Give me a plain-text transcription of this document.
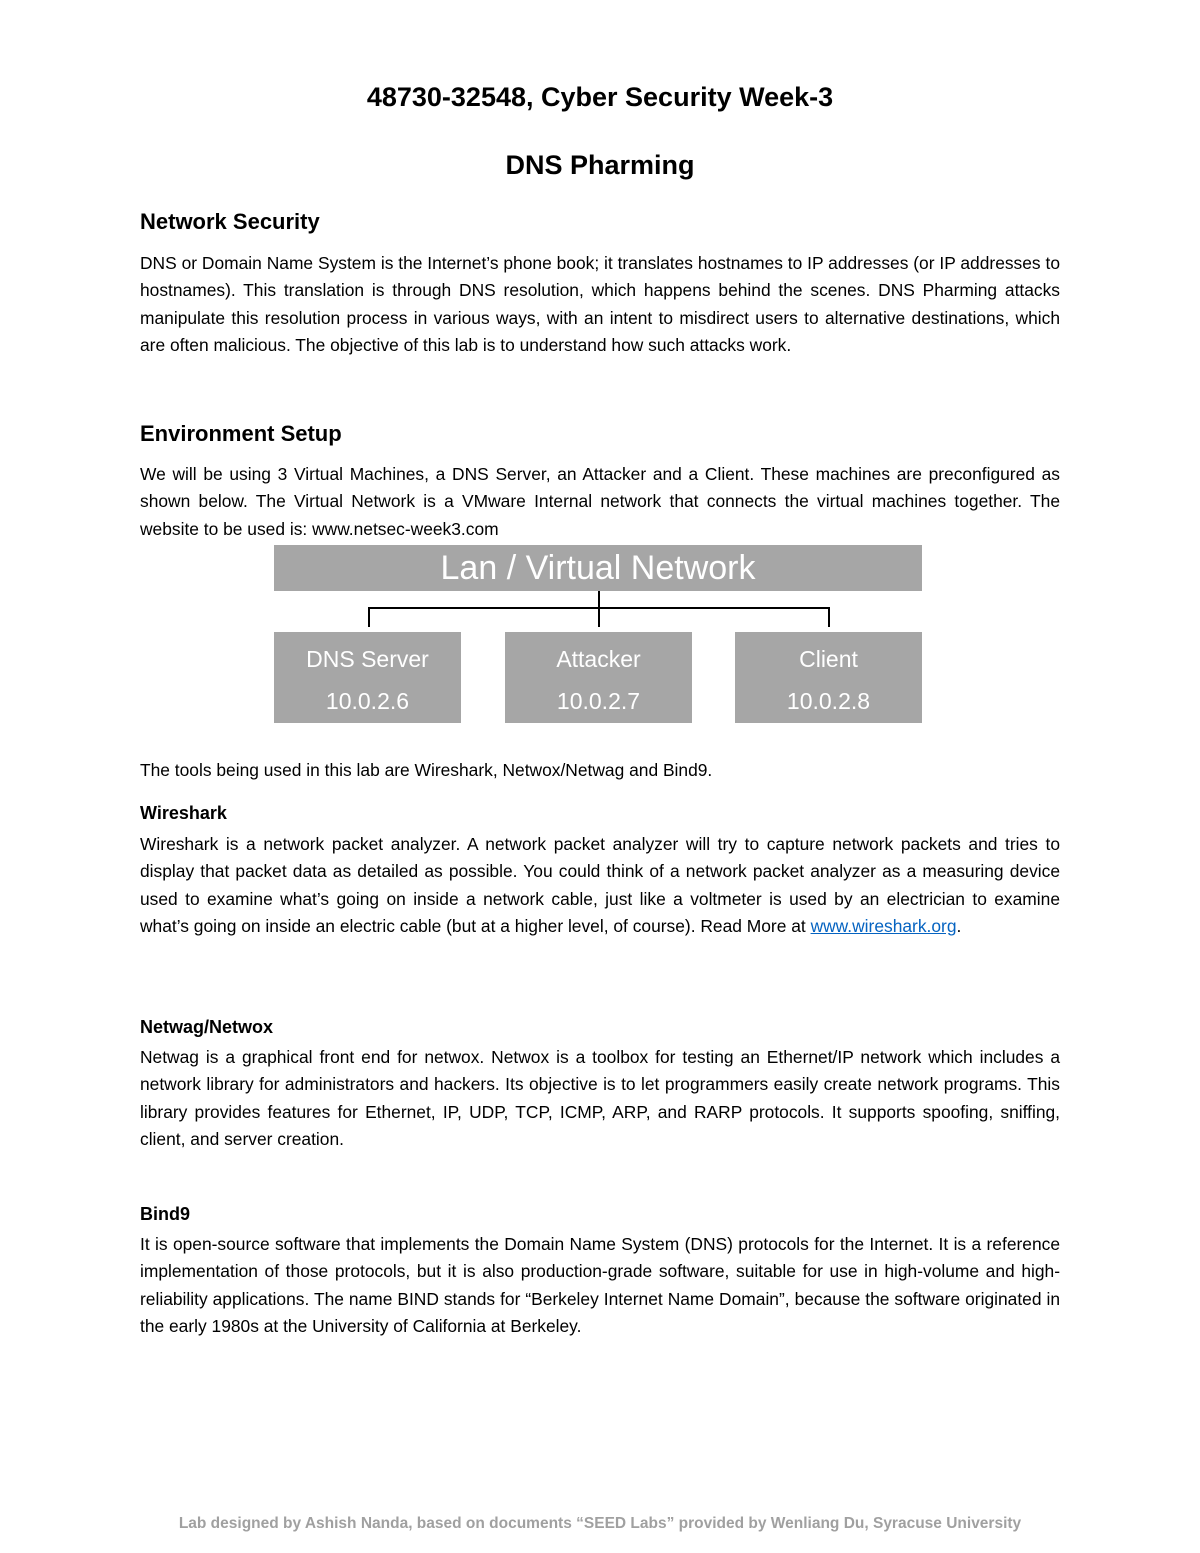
48730-32548, Cyber Security Week-3
DNS Pharming
Network Security

DNS or Domain Name System is the Internet’s phone book; it translates hostnames to IP addresses (or IP addresses to hostnames). This translation is through DNS resolution, which happens behind the scenes. DNS Pharming attacks manipulate this resolution process in various ways, with an intent to misdirect users to alternative destinations, which are often malicious. The objective of this lab is to understand how such attacks work.

Environment Setup

We will be using 3 Virtual Machines, a DNS Server, an Attacker and a Client. These machines are preconfigured as shown below. The Virtual Network is a VMware Internal network that connects the virtual machines together. The website to be used is: www.netsec-week3.com

Lan / Virtual Network
DNS Server
10.0.2.6
Attacker
10.0.2.7
Client
10.0.2.8

The tools being used in this lab are Wireshark, Netwox/Netwag and Bind9.

Wireshark

Wireshark is a network packet analyzer. A network packet analyzer will try to capture network packets and tries to display that packet data as detailed as possible. You could think of a network packet analyzer as a measuring device used to examine what’s going on inside a network cable, just like a voltmeter is used by an electrician to examine what’s going on inside an electric cable (but at a higher level, of course). Read More at www.wireshark.org.

Netwag/Netwox

Netwag is a graphical front end for netwox. Netwox is a toolbox for testing an Ethernet/IP network which includes a network library for administrators and hackers. Its objective is to let programmers easily create network programs. This library provides features for Ethernet, IP, UDP, TCP, ICMP, ARP, and RARP protocols. It supports spoofing, sniffing, client, and server creation.

Bind9

It is open-source software that implements the Domain Name System (DNS) protocols for the Internet. It is a reference implementation of those protocols, but it is also production-grade software, suitable for use in high-volume and high-reliability applications. The name BIND stands for “Berkeley Internet Name Domain”, because the software originated in the early 1980s at the University of California at Berkeley.

Lab designed by Ashish Nanda, based on documents “SEED Labs” provided by Wenliang Du, Syracuse University
